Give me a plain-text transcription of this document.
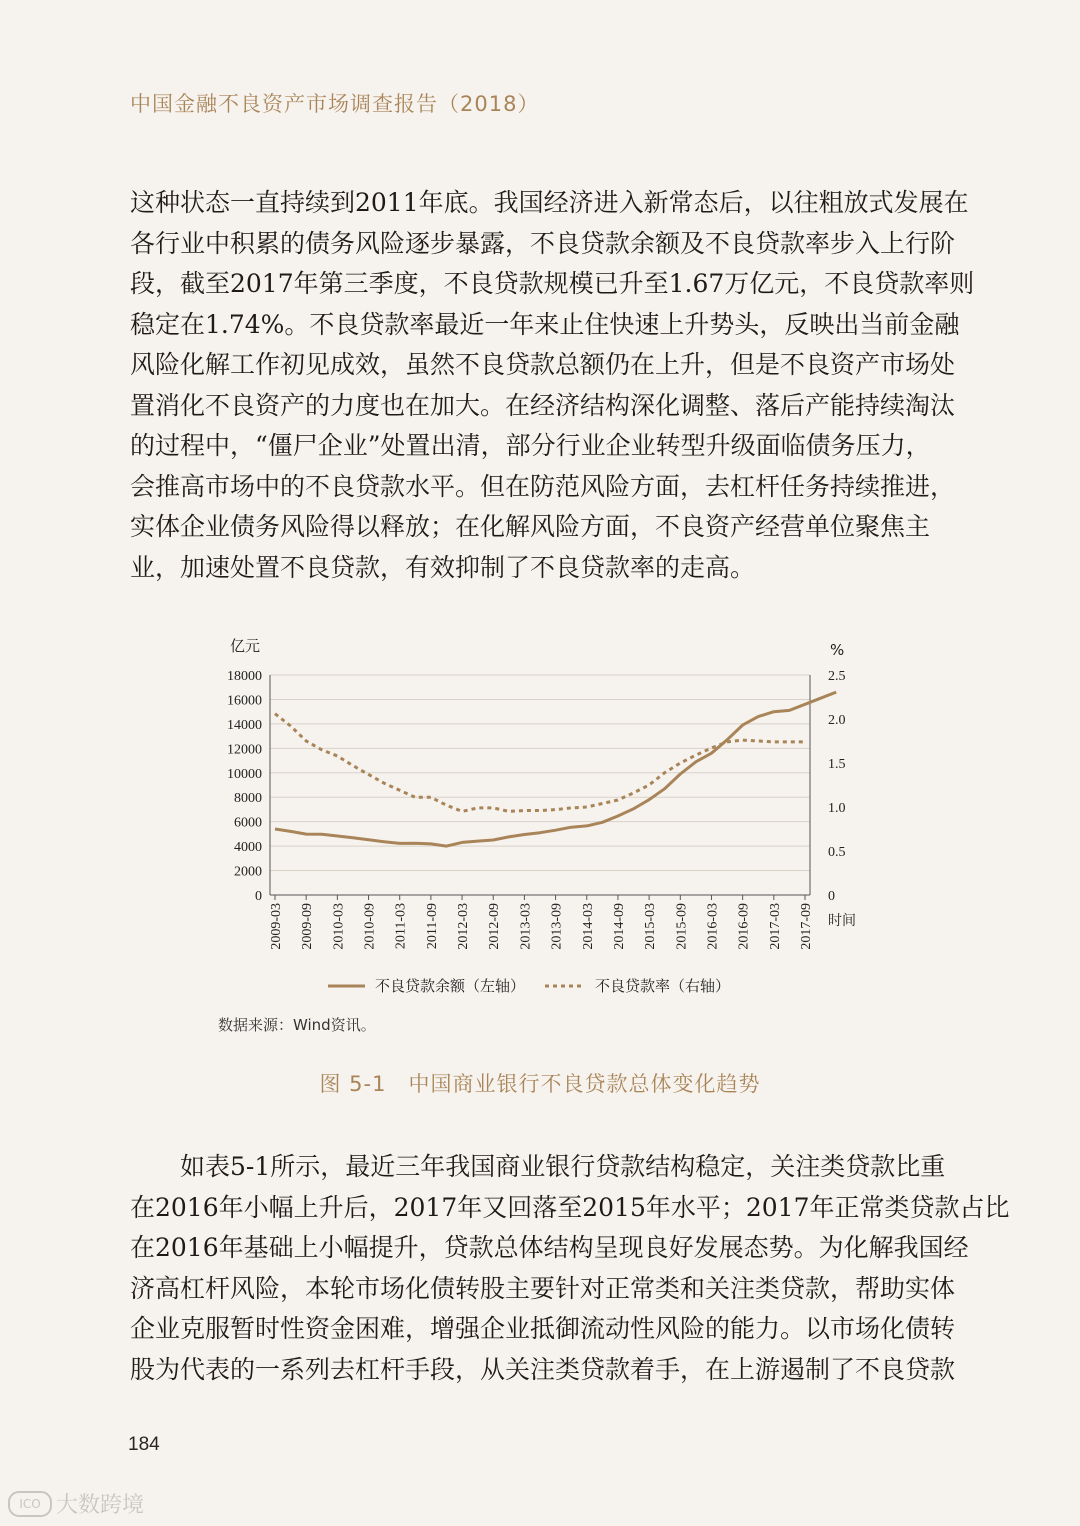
中国金融不良资产市场调查报告（2018）
这种状态一直持续到2011年底。我国经济进入新常态后，以往粗放式发展在
各行业中积累的债务风险逐步暴露，不良贷款余额及不良贷款率步入上行阶
段，截至2017年第三季度，不良贷款规模已升至1.67万亿元，不良贷款率则
稳定在1.74%。不良贷款率最近一年来止住快速上升势头，反映出当前金融
风险化解工作初见成效，虽然不良贷款总额仍在上升，但是不良资产市场处
置消化不良资产的力度也在加大。在经济结构深化调整、落后产能持续淘汰
的过程中，“僵尸企业”处置出清，部分行业企业转型升级面临债务压力，
会推高市场中的不良贷款水平。但在防范风险方面，去杠杆任务持续推进，
实体企业债务风险得以释放；在化解风险方面，不良资产经营单位聚焦主
业，加速处置不良贷款，有效抑制了不良贷款率的走高。
18000
16000
14000
12000
10000
8000
6000
4000
2000
0
2.5
2.0
1.5
1.0
0.5
0
亿元	%
时间
2009-03 2009-09 2010-03 2010-09 2011-03 2011-09 2012-03 2012-09 2013-03 2013-09 2014-03 2014-09 2015-03 2015-09 2016-03 2016-09 2017-03 2017-09
不良贷款余额（左轴）	不良贷款率（右轴）
数据来源：Wind资讯。
图 5-1　中国商业银行不良贷款总体变化趋势
　　如表5-1所示，最近三年我国商业银行贷款结构稳定，关注类贷款比重
在2016年小幅上升后，2017年又回落至2015年水平；2017年正常类贷款占比
在2016年基础上小幅提升，贷款总体结构呈现良好发展态势。为化解我国经
济高杠杆风险，本轮市场化债转股主要针对正常类和关注类贷款，帮助实体
企业克服暂时性资金困难，增强企业抵御流动性风险的能力。以市场化债转
股为代表的一系列去杠杆手段，从关注类贷款着手，在上游遏制了不良贷款
184
ICO 大数跨境
